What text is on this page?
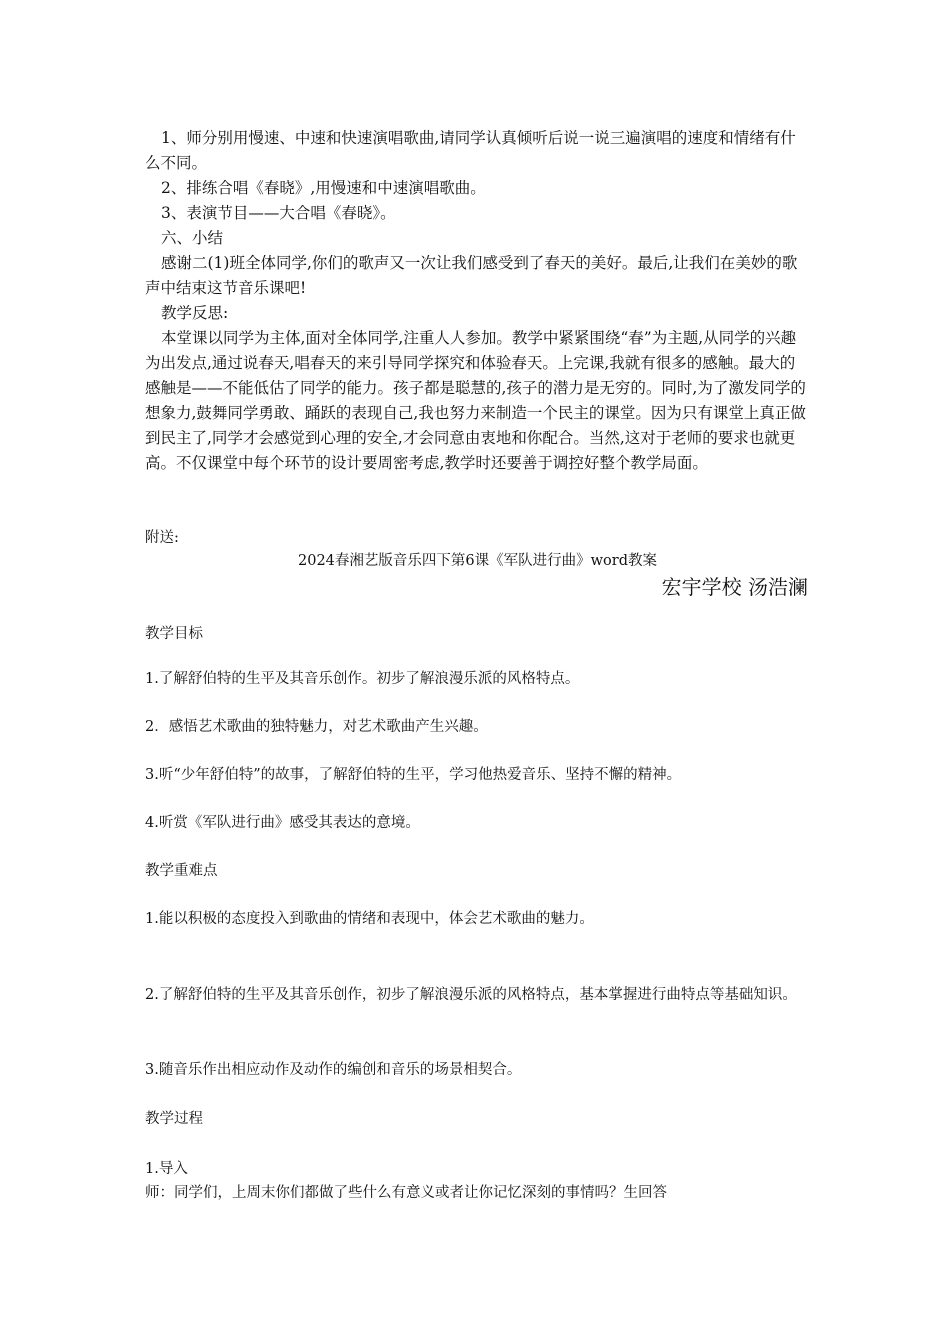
1、师分别用慢速、中速和快速演唱歌曲,请同学认真倾听后说一说三遍演唱的速度和情绪有什么不同。

2、排练合唱《春晓》,用慢速和中速演唱歌曲。

3、表演节目——大合唱《春晓》。

六、小结

感谢二(1)班全体同学,你们的歌声又一次让我们感受到了春天的美好。最后,让我们在美妙的歌声中结束这节音乐课吧!

教学反思:

本堂课以同学为主体,面对全体同学,注重人人参加。教学中紧紧围绕“春”为主题,从同学的兴趣为出发点,通过说春天,唱春天的来引导同学探究和体验春天。上完课,我就有很多的感触。最大的感触是——不能低估了同学的能力。孩子都是聪慧的,孩子的潜力是无穷的。同时,为了激发同学的想象力,鼓舞同学勇敢、踊跃的表现自己,我也努力来制造一个民主的课堂。因为只有课堂上真正做到民主了,同学才会感觉到心理的安全,才会同意由衷地和你配合。当然,这对于老师的要求也就更高。不仅课堂中每个环节的设计要周密考虑,教学时还要善于调控好整个教学局面。

附送:

2024春湘艺版音乐四下第6课《军队进行曲》word教案

宏宇学校 汤浩澜

教学目标

1.了解舒伯特的生平及其音乐创作。初步了解浪漫乐派的风格特点。

2．感悟艺术歌曲的独特魅力，对艺术歌曲产生兴趣。

3.听“少年舒伯特”的故事，了解舒伯特的生平，学习他热爱音乐、坚持不懈的精神。

4.听赏《军队进行曲》感受其表达的意境。

教学重难点

1.能以积极的态度投入到歌曲的情绪和表现中，体会艺术歌曲的魅力。

2.了解舒伯特的生平及其音乐创作，初步了解浪漫乐派的风格特点，基本掌握进行曲特点等基础知识。

3.随音乐作出相应动作及动作的编创和音乐的场景相契合。

教学过程

1.导入

师：同学们，上周末你们都做了些什么有意义或者让你记忆深刻的事情吗？生回答
